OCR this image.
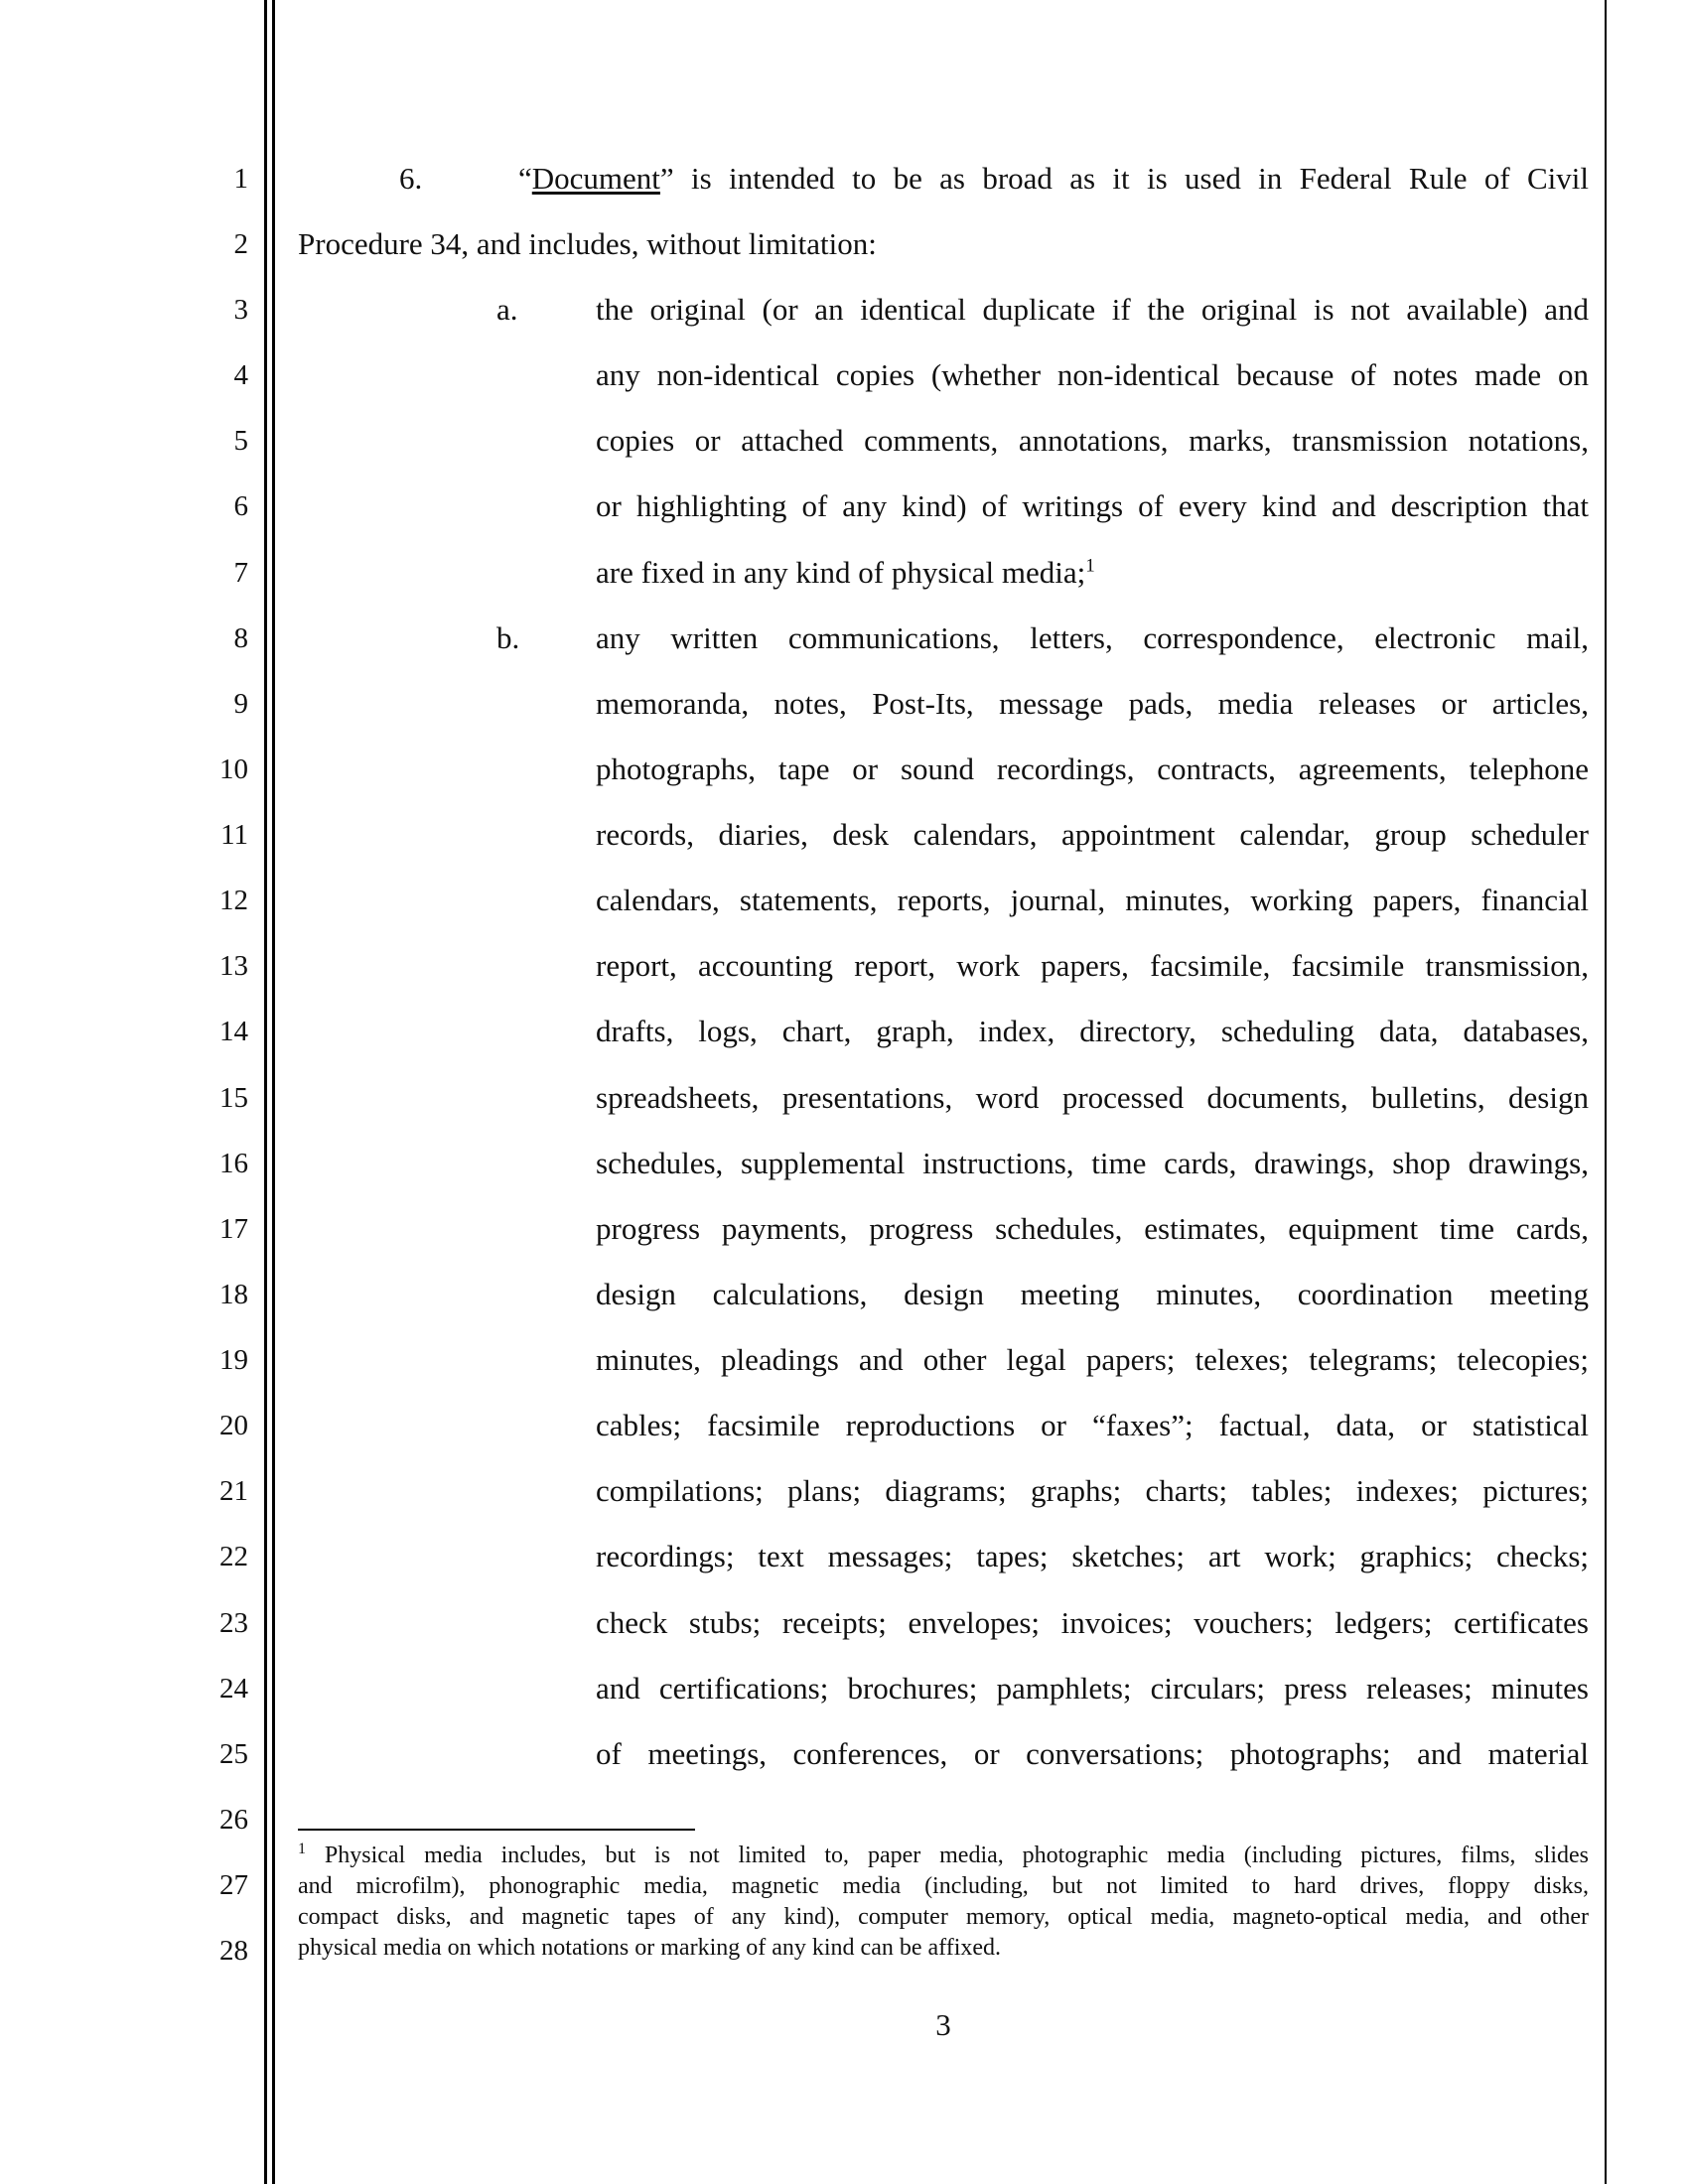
1
2
3
4
5
6
7
8
9
10
11
12
13
14
15
16
17
18
19
20
21
22
23
24
25
26
27
28
6.	“Document” is intended to be as broad as it is used in Federal Rule of Civil
Procedure 34, and includes, without limitation:
a.	the original (or an identical duplicate if the original is not available) and
any non-identical copies (whether non-identical because of notes made on
copies or attached comments, annotations, marks, transmission notations,
or highlighting of any kind) of writings of every kind and description that
are fixed in any kind of physical media;$^1$
b. any written communications, letters, correspondence, electronic mail,
memoranda, notes, Post-Its, message pads, media releases or articles,
photographs, tape or sound recordings, contracts, agreements, telephone
records, diaries, desk calendars, appointment calendar, group scheduler
calendars, statements, reports, journal, minutes, working papers, financial
report, accounting report, work papers, facsimile, facsimile transmission,
drafts, logs, chart, graph, index, directory, scheduling data, databases,
spreadsheets, presentations, word processed documents, bulletins, design
schedules, supplemental instructions, time cards, drawings, shop drawings,
progress payments, progress schedules, estimates, equipment time cards,
design calculations, design meeting minutes, coordination meeting
minutes, pleadings and other legal papers; telexes; telegrams; telecopies;
cables; facsimile reproductions or “faxes”; factual, data, or statistical
compilations; plans; diagrams; graphs; charts; tables; indexes; pictures;
recordings; text messages; tapes; sketches; art work; graphics; checks;
check stubs; receipts; envelopes; invoices; vouchers; ledgers; certificates
and certifications; brochures; pamphlets; circulars; press releases; minutes
of meetings, conferences, or conversations; photographs; and material
$^1$ Physical media includes, but is not limited to, paper media, photographic media (including pictures, films, slides
and microfilm), phonographic media, magnetic media (including, but not limited to hard drives, floppy disks,
compact disks, and magnetic tapes of any kind), computer memory, optical media, magneto-optical media, and other
physical media on which notations or marking of any kind can be affixed.
3
